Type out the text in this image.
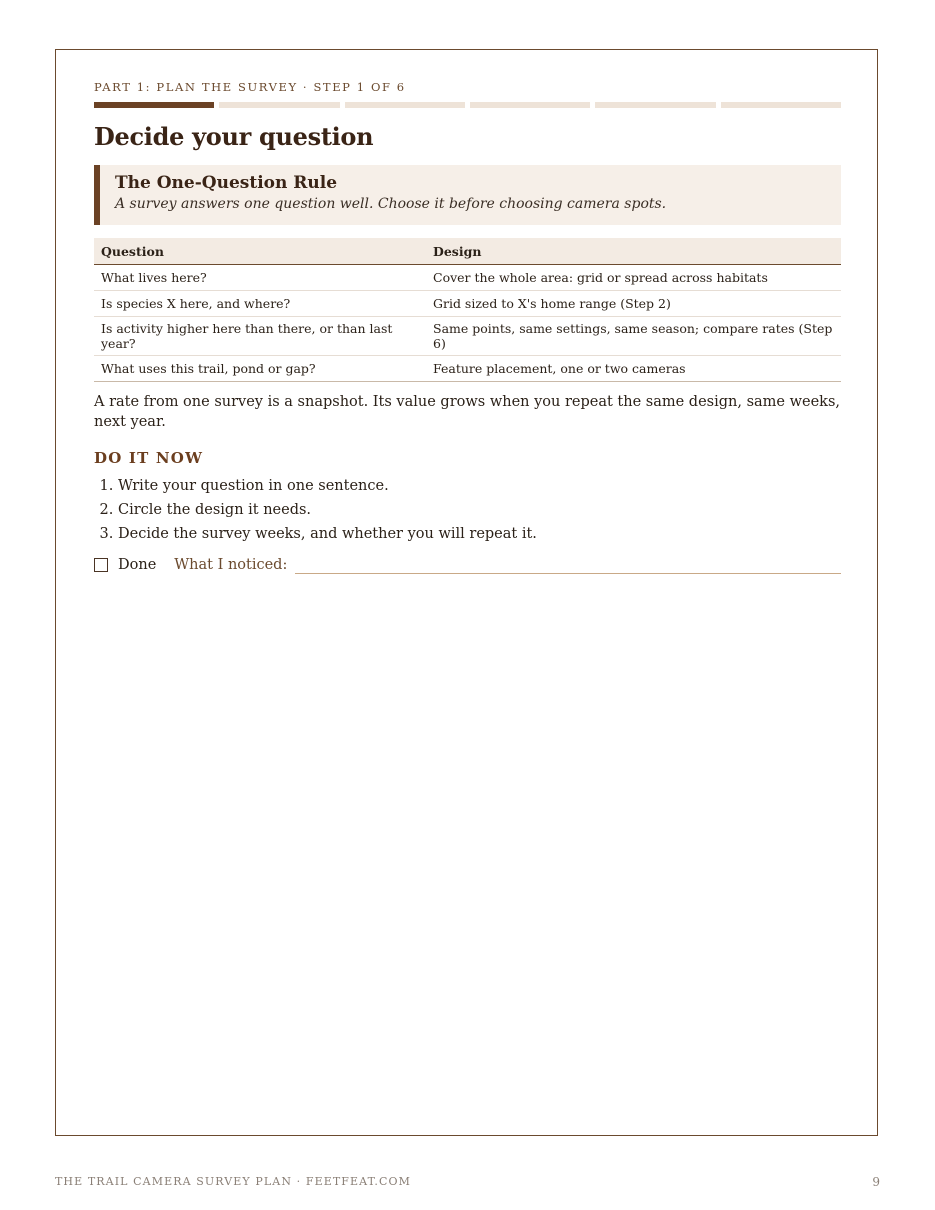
PART 1: PLAN THE SURVEY · STEP 1 OF 6
Decide your question
The One-Question Rule
A survey answers one question well. Choose it before choosing camera spots.
Question	Design
What lives here?	Cover the whole area: grid or spread across habitats
Is species X here, and where?	Grid sized to X's home range (Step 2)
Is activity higher here than there, or than last year?	Same points, same settings, same season; compare rates (Step 6)
What uses this trail, pond or gap?	Feature placement, one or two cameras
A rate from one survey is a snapshot. Its value grows when you repeat the same design, same weeks, next year.
DO IT NOW
1. Write your question in one sentence.
2. Circle the design it needs.
3. Decide the survey weeks, and whether you will repeat it.
Done What I noticed:
THE TRAIL CAMERA SURVEY PLAN · FEETFEAT.COM	9
